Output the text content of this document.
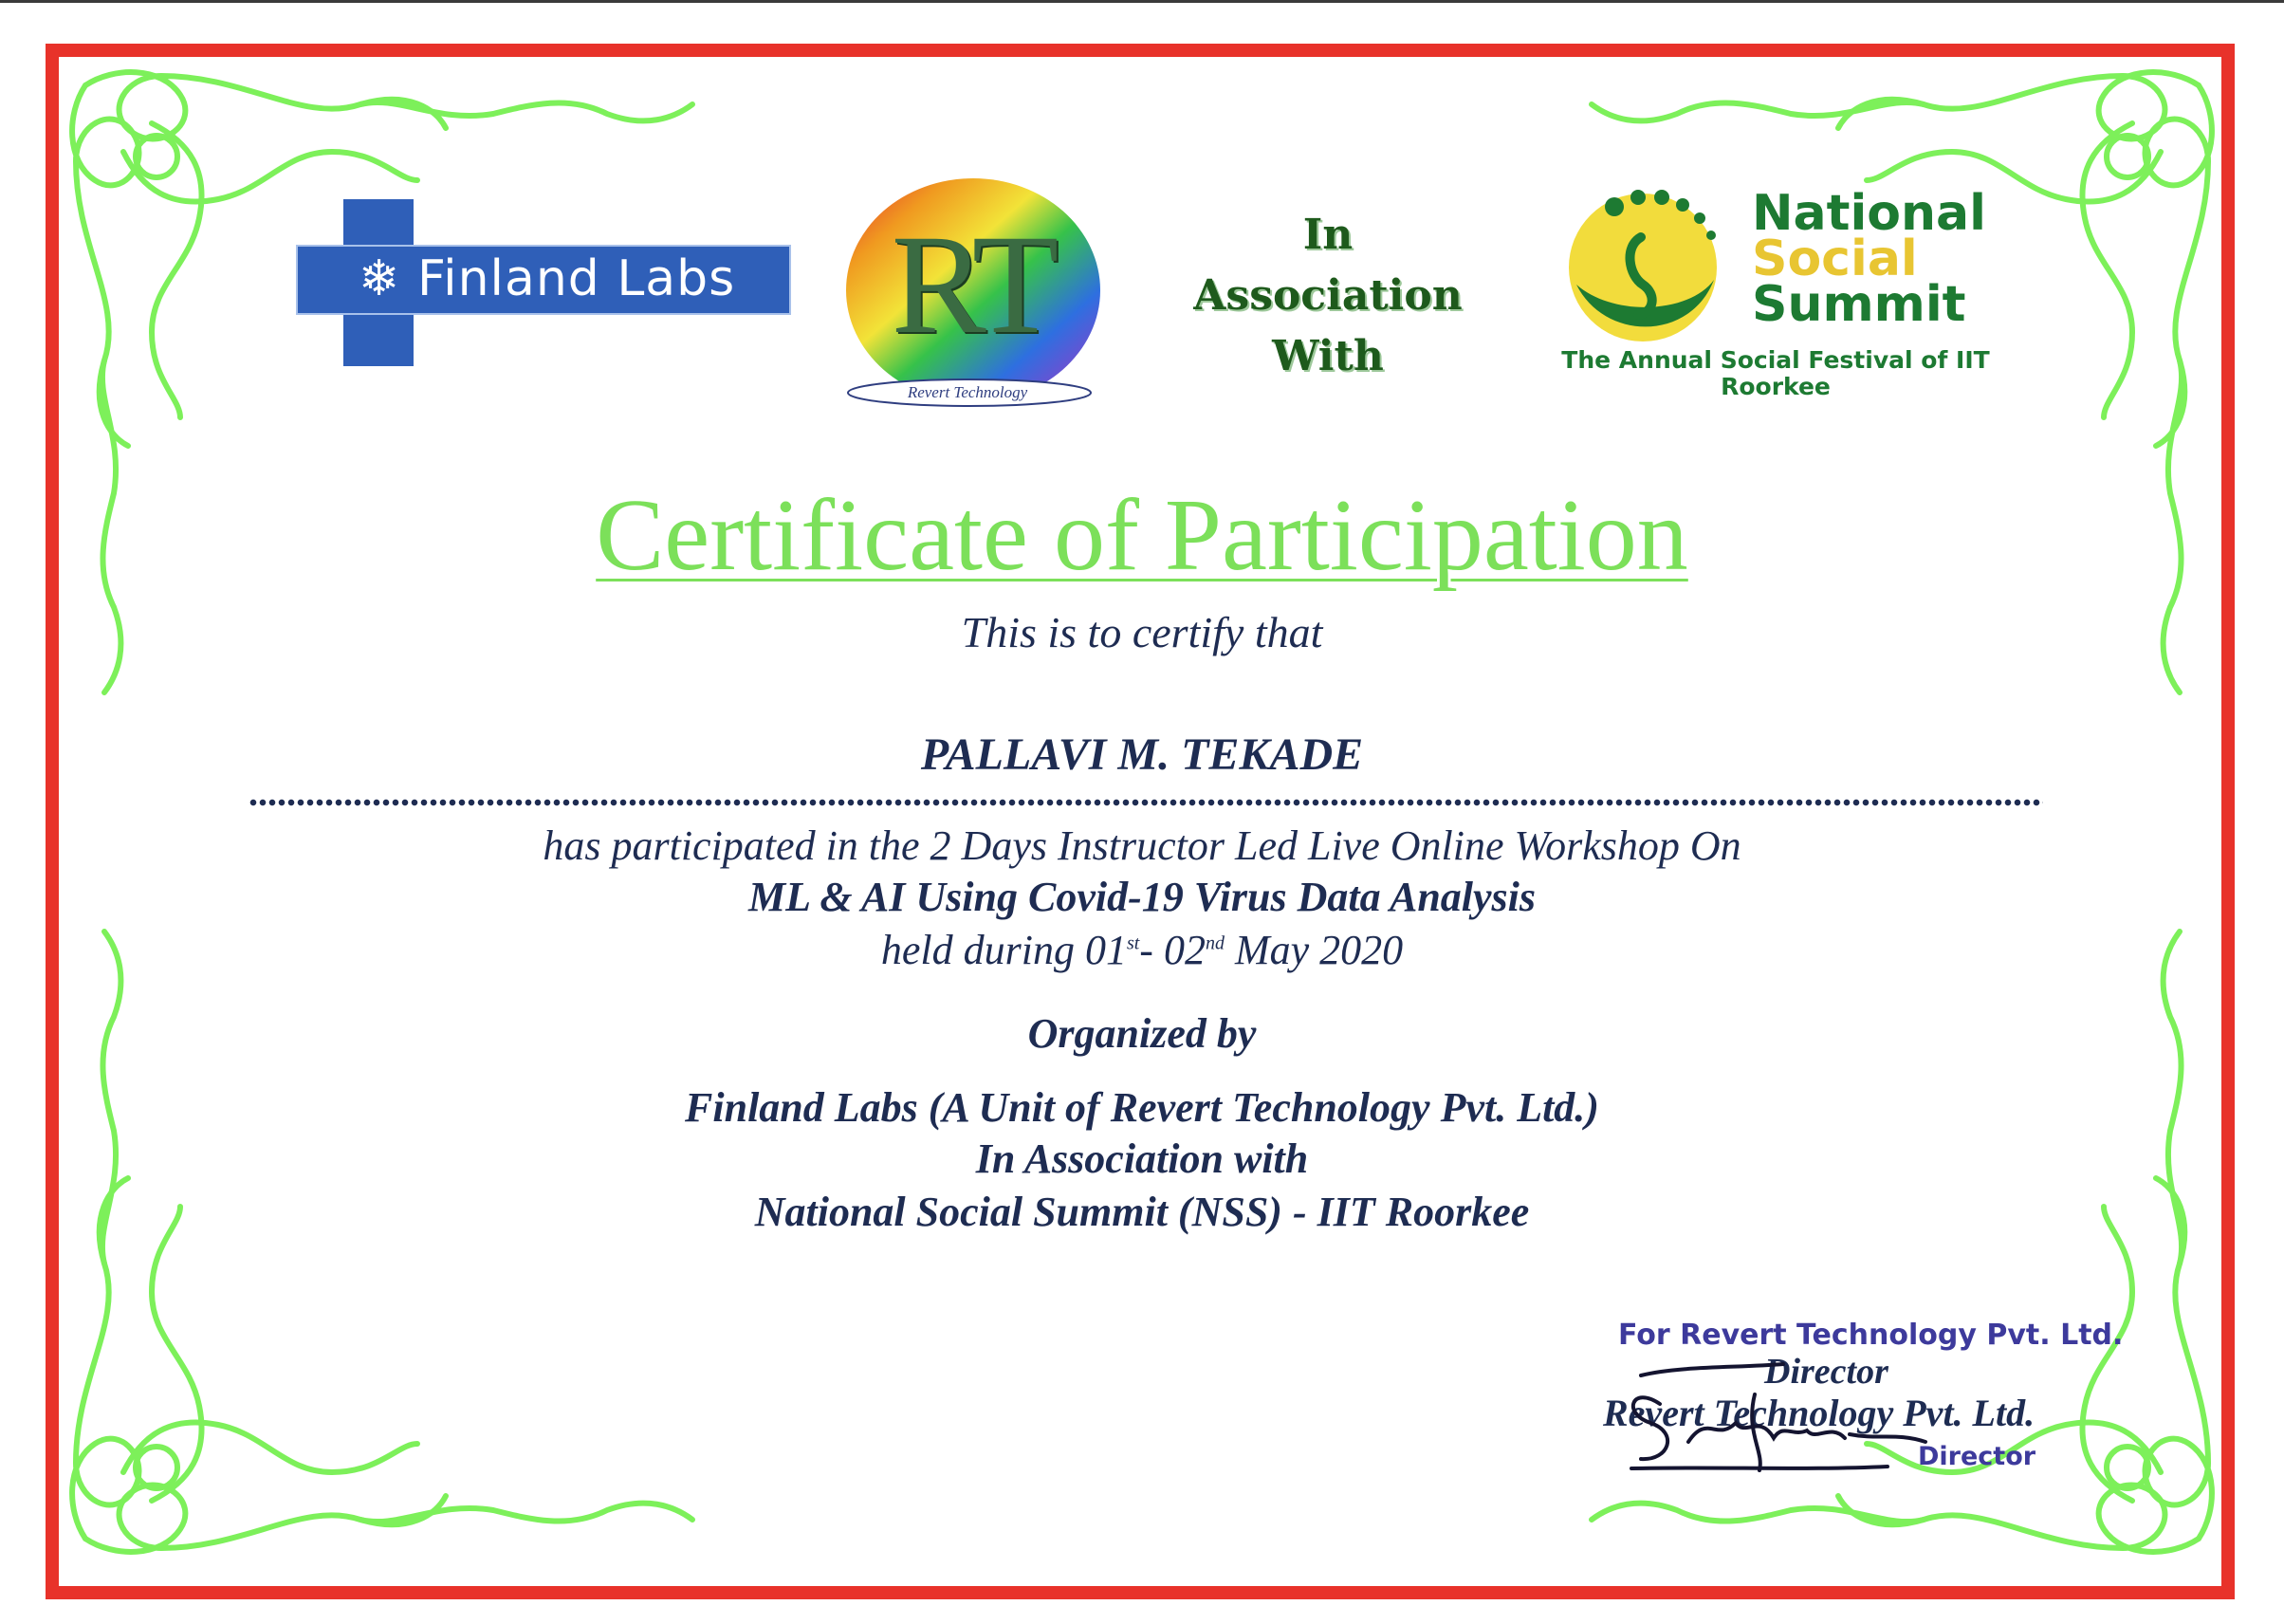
❄ Finland Labs	RT
Revert Technology
In
Association
With
National
Social
Summit
The Annual Social Festival of IIT Roorkee
Certificate of Participation
This is to certify that
PALLAVI M. TEKADE
has participated in the 2 Days Instructor Led Live Online Workshop On
ML & AI Using Covid-19 Virus Data Analysis
held during 01st- 02nd May 2020
Organized by
Finland Labs (A Unit of Revert Technology Pvt. Ltd.)
In Association with
National Social Summit (NSS) - IIT Roorkee
For Revert Technology Pvt. Ltd.
Director
Revert Technology Pvt. Ltd.
Director
